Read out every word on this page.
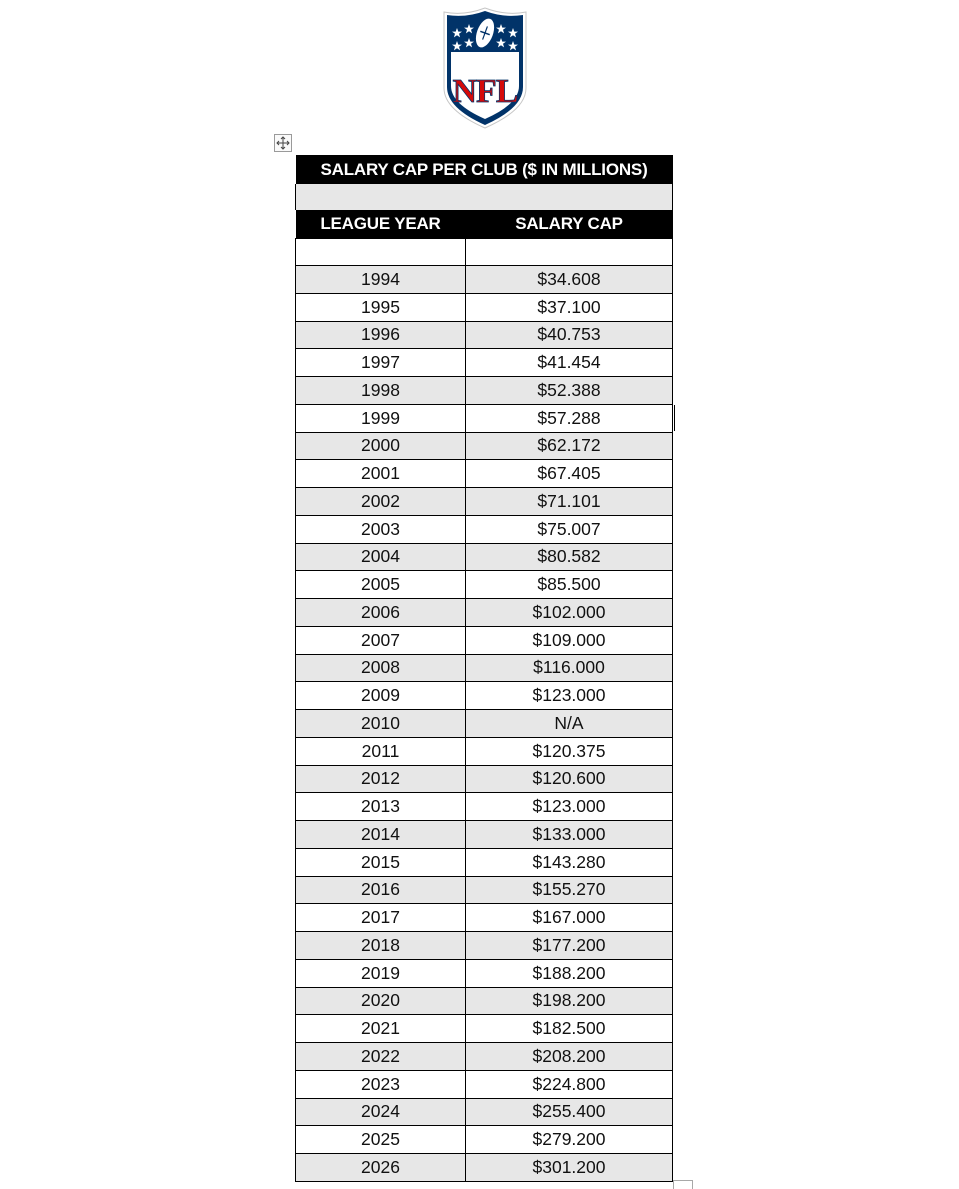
NFL
SALARY CAP PER CLUB ($ IN MILLIONS)	

LEAGUE YEAR	SALARY CAP

1994	$34.608
1995	$37.100
1996	$40.753
1997	$41.454
1998	$52.388
1999	$57.288
2000	$62.172
2001	$67.405
2002	$71.101
2003	$75.007
2004	$80.582
2005	$85.500
2006	$102.000
2007	$109.000
2008	$116.000
2009	$123.000
2010	N/A
2011	$120.375
2012	$120.600
2013	$123.000
2014	$133.000
2015	$143.280
2016	$155.270
2017	$167.000
2018	$177.200
2019	$188.200
2020	$198.200
2021	$182.500
2022	$208.200
2023	$224.800
2024	$255.400
2025	$279.200
2026	$301.200
